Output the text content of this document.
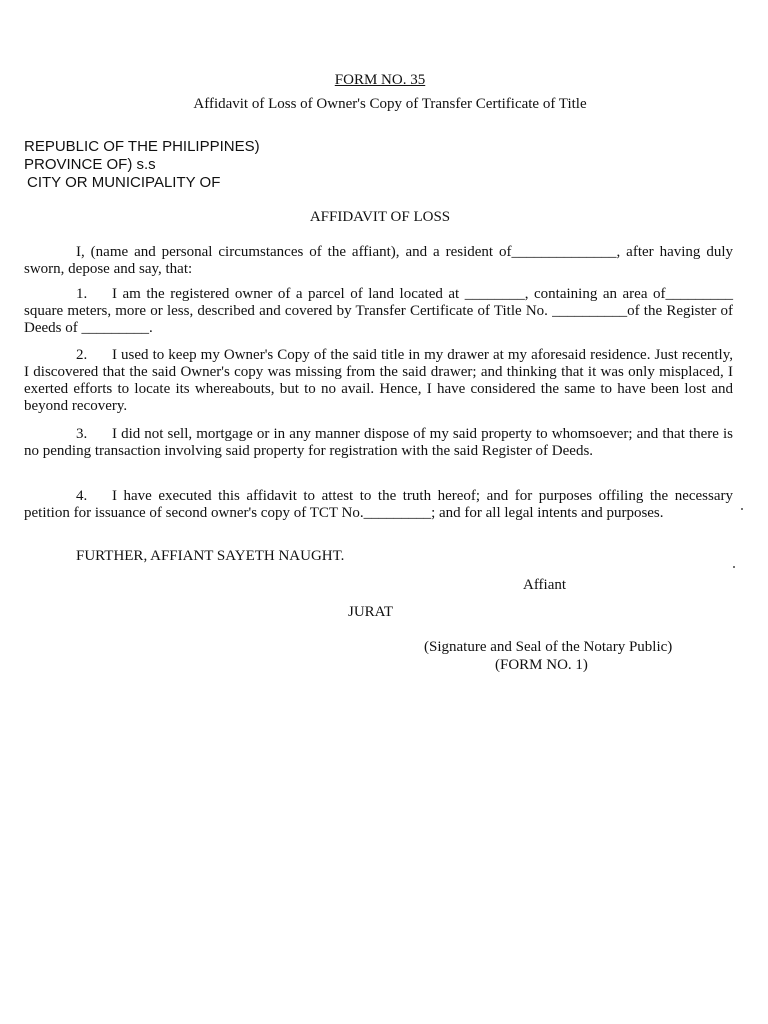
FORM NO. 35
Affidavit of Loss of Owner's Copy of Transfer Certificate of Title
REPUBLIC OF THE PHILIPPINES)
PROVINCE OF) s.s
CITY OR MUNICIPALITY OF
AFFIDAVIT OF LOSS
I, (name and personal circumstances of the affiant), and a resident of______________, after having duly sworn, depose and say, that:
1. I am the registered owner of a parcel of land located at ________, containing an area of_________ square meters, more or less, described and covered by Transfer Certificate of Title No. __________of the Register of Deeds of _________.
2. I used to keep my Owner's Copy of the said title in my drawer at my aforesaid residence. Just recently, I discovered that the said Owner's copy was missing from the said drawer; and thinking that it was only misplaced, I exerted efforts to locate its whereabouts, but to no avail. Hence, I have considered the same to have been lost and beyond recovery.
3. I did not sell, mortgage or in any manner dispose of my said property to whomsoever; and that there is no pending transaction involving said property for registration with the said Register of Deeds.
4. I have executed this affidavit to attest to the truth hereof; and for purposes offiling the necessary petition for issuance of second owner's copy of TCT No._________; and for all legal intents and purposes.
FURTHER, AFFIANT SAYETH NAUGHT.
Affiant
JURAT
(Signature and Seal of the Notary Public)
(FORM NO. 1)
